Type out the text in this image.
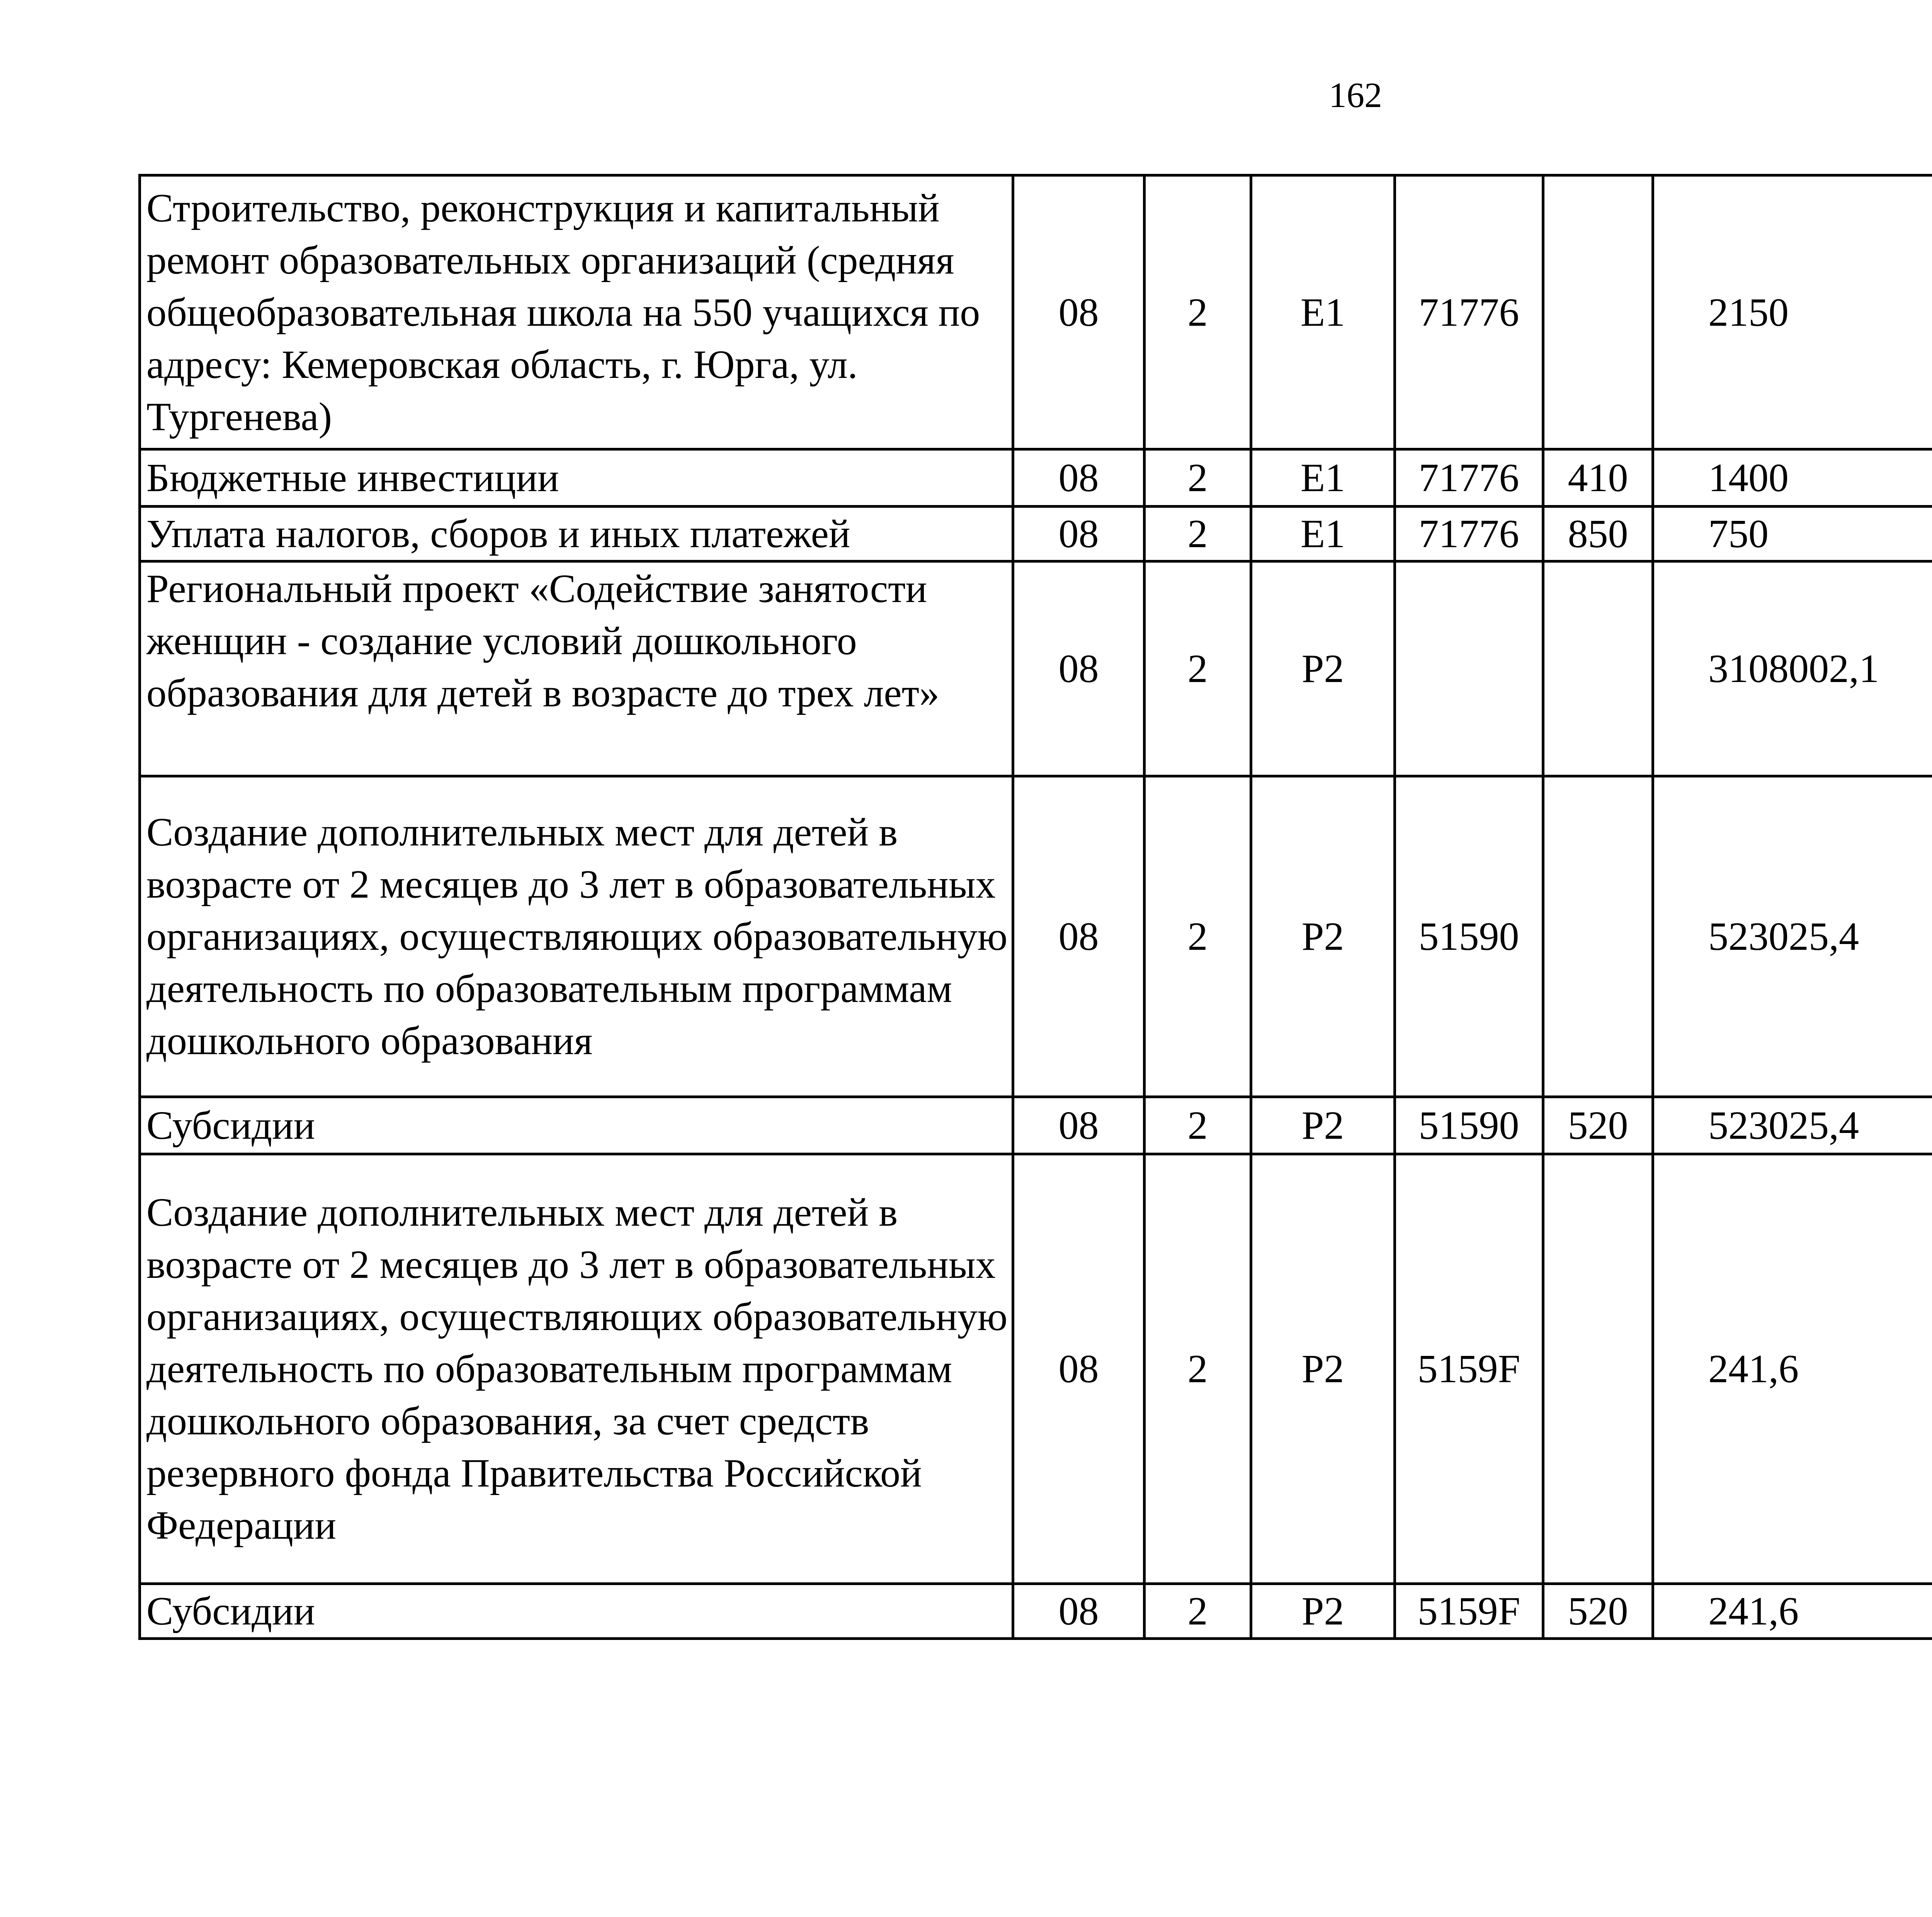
162
Строительство, реконструкция и капитальный ремонт образовательных организаций (средняя общеобразовательная школа на 550 учащихся по адресу: Кемеровская область, г. Юрга, ул. Тургенева)	08	2	E1	71776		2150		
Бюджетные инвестиции	08	2	E1	71776	410	1400		
Уплата налогов, сборов и иных платежей	08	2	E1	71776	850	750		
Региональный проект «Содействие занятости женщин - создание условий дошкольного образования для детей в возрасте до трех лет»	08	2	P2			3108002,1		
Создание дополнительных мест для детей в возрасте от 2 месяцев до 3 лет в образовательных организациях, осуществляющих образовательную деятельность по образовательным программам дошкольного образования	08	2	P2	51590		523025,4		
Субсидии	08	2	P2	51590	520	523025,4		
Создание дополнительных мест для детей в возрасте от 2 месяцев до 3 лет в образовательных организациях, осуществляющих образовательную деятельность по образовательным программам дошкольного образования, за счет средств резервного фонда Правительства Российской Федерации	08	2	P2	5159F		241,6		
Субсидии	08	2	P2	5159F	520	241,6		
